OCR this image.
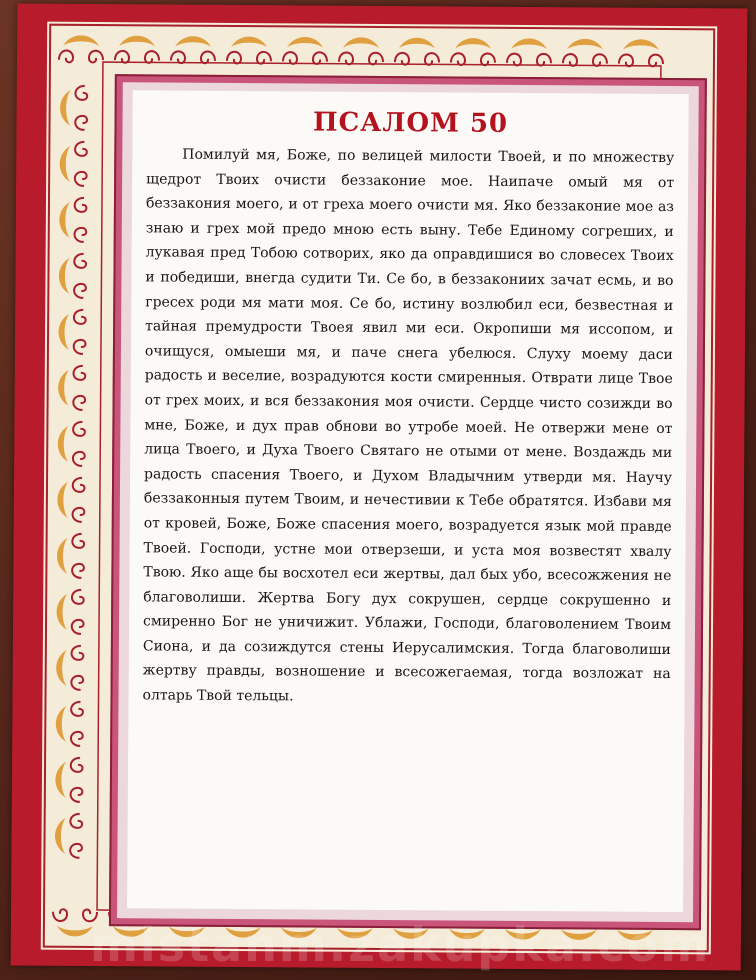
ПСАЛОМ 50

Помилуй мя, Боже, по велицей милости Твоей, и по множеству щедрот Твоих очисти беззаконие мое. Наипаче омый мя от беззакония моего, и от греха моего очисти мя. Яко беззаконие мое аз знаю и грех мой предо мною есть выну. Тебе Единому согреших, и лукавая пред Тобою сотворих, яко да оправдишися во словесех Твоих и победиши, внегда судити Ти. Се бо, в беззакониих зачат есмь, и во гресех роди мя мати моя. Се бо, истину возлюбил еси, безвестная и тайная премудрости Твоея явил ми еси. Окропиши мя иссопом, и очищуся, омыеши мя, и паче снега убелюся. Слуху моему даси радость и веселие, возрадуются кости смиренныя. Отврати лице Твое от грех моих, и вся беззакония моя очисти. Сердце чисто созижди во мне, Боже, и дух прав обнови во утробе моей. Не отвержи мене от лица Твоего, и Духа Твоего Святаго не отыми от мене. Воздаждь ми радость спасения Твоего, и Духом Владычним утверди мя. Научу беззаконныя путем Твоим, и нечестивии к Тебе обратятся. Избави мя от кровей, Боже, Боже спасения моего, возрадуется язык мой правде Твоей. Господи, устне мои отверзеши, и уста моя возвестят хвалу Твою. Яко аще бы восхотел еси жертвы, дал бых убо, всесожжения не благоволиши. Жертва Богу дух сокрушен, сердце сокрушенно и смиренно Бог не уничижит. Ублажи, Господи, благоволением Твоим Сиона, и да созиждутся стены Иерусалимския. Тогда благоволиши жертву правды, возношение и всесожегаемая, тогда возложат на олтарь Твой тельцы.

mistanm.zakupka.com
